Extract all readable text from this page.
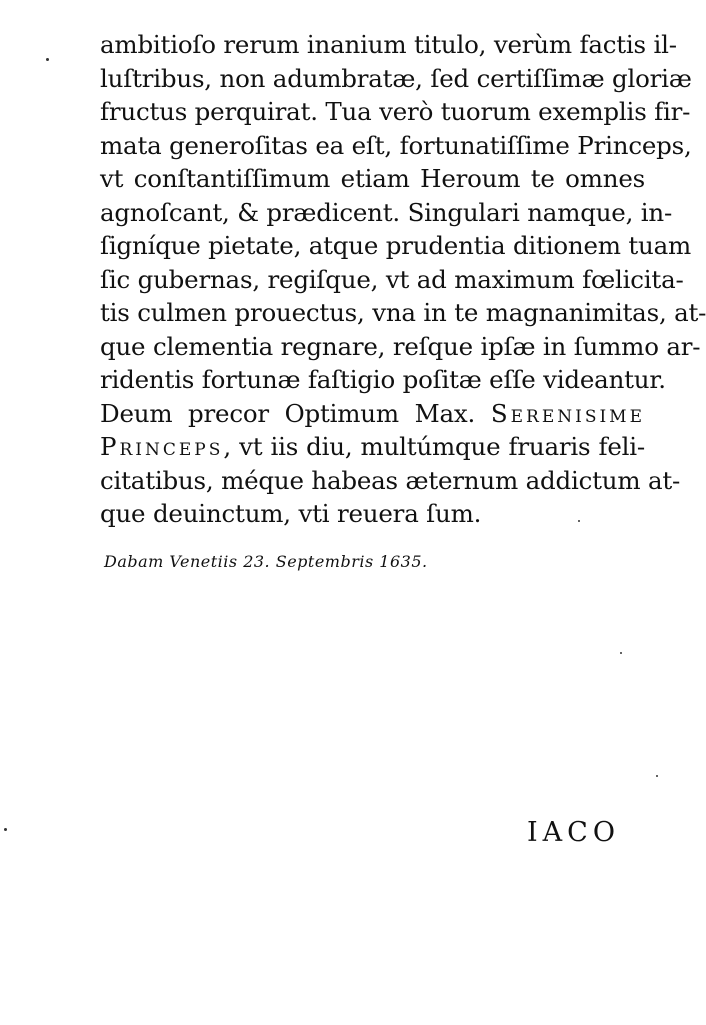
ambitioſo rerum inanium titulo, verùm factis il-
luſtribus, non adumbratæ, ſed certiſſimæ gloriæ
fructus perquirat. Tua verò tuorum exemplis fir-
mata generoſitas ea eſt, fortunatiſſime Princeps,
vt conſtantiſſimum etiam Heroum te omnes
agnoſcant, & prædicent. Singulari namque, in-
ſigníque pietate, atque prudentia ditionem tuam
ſic gubernas, regiſque, vt ad maximum fœlicita-
tis culmen prouectus, vna in te magnanimitas, at-
que clementia regnare, reſque ipſæ in ſummo ar-
ridentis fortunæ faſtigio poſitæ eſſe videantur.
Deum precor Optimum Max. Serenisime
Princeps, vt iis diu, multúmque fruaris feli-
citatibus, méque habeas æternum addictum at-
que deuinctum, vti reuera ſum.
Dabam Venetiis 23. Septembris 1635.
IACO
